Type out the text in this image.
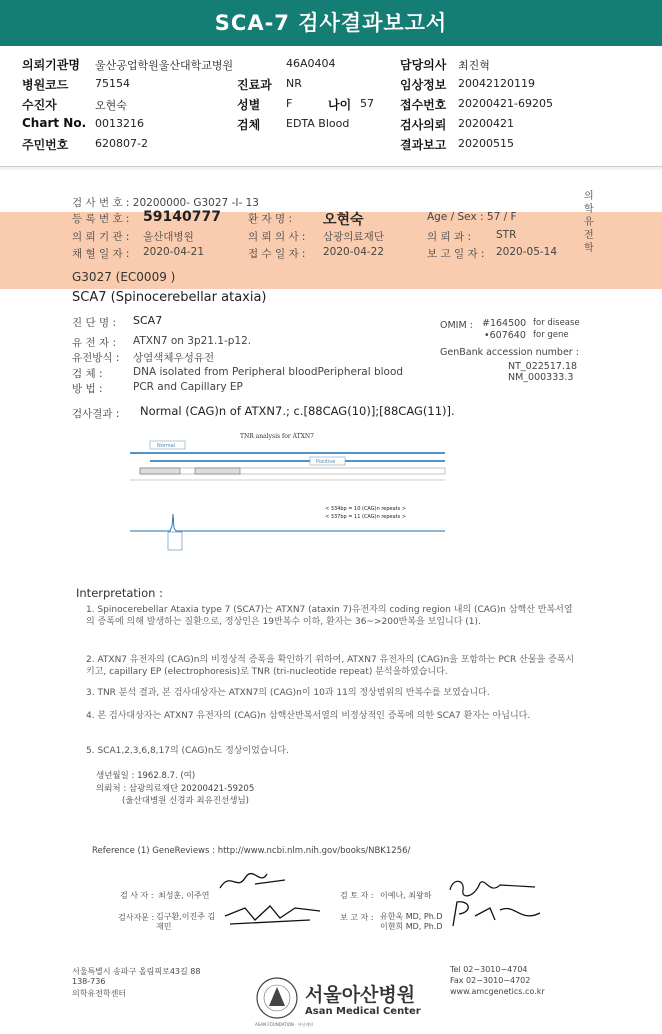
SCA-7 검사결과보고서
의뢰기관명 울산공업학원울산대학교병원	46A0404	담당의사 최진혁
병원코드 75154	진료과 NR	임상정보 20042120119
수진자	오현숙	성별 F	나이 57 접수번호 20200421-69205
Chart No. 0013216	검체 EDTA Blood	검사의뢰 20200421
주민번호 620807-2	결과보고 20200515
의학유전학
검 사 번 호 : 20200000- G3027 -I- 13
등 록 번 호 : 59140777	환 자 명 : 오현숙	Age / Sex : 57 / F
의 뢰 기 관 : 울산대병원	의 뢰 의 사 : 삼광의료재단	의 뢰 과 : STR
채 혈 일 자 : 2020-04-21	접 수 일 자 : 2020-04-22	보 고 일 자 : 2020-05-14
G3027 (EC0009 )
SCA7 (Spinocerebellar ataxia)
진 단 명 : SCA7
유 전 자 : ATXN7 on 3p21.1-p12.
유전방식 : 상염색체우성유전
검 체 :	DNA isolated from Peripheral bloodPeripheral blood
방 법 :	PCR and Capillary EP
OMIM : #164500 for disease
•607640 for gene
GenBank accession number :
NT_022517.18
NM_000333.3
검사결과 : Normal (CAG)n of ATXN7.; c.[88CAG(10)];[88CAG(11)].
TNR analysis for ATXN7
Normal
Positive
< 334bp = 10 (CAG)n repeats >
< 337bp = 11 (CAG)n repeats >
Interpretation :
1. Spinocerebellar Ataxia type 7 (SCA7)는 ATXN7 (ataxin 7)유전자의 coding region 내의 (CAG)n 삼핵산 반복서열의 증폭에 의해 발생하는 질환으로, 정상인은 19반복수 이하, 환자는 36~>200반복을 보입니다 (1).
2. ATXN7 유전자의 (CAG)n의 비정상적 증폭을 확인하기 위하여, ATXN7 유전자의 (CAG)n을 포함하는 PCR 산물을 증폭시키고, capillary EP (electrophoresis)로 TNR (tri-nucleotide repeat) 분석을하였습니다.
3. TNR 분석 결과, 본 검사대상자는 ATXN7의 (CAG)n이 10과 11의 정상범위의 반복수를 보였습니다.
4. 본 검사대상자는 ATXN7 유전자의 (CAG)n 삼핵산반복서열의 비정상적인 증폭에 의한 SCA7 환자는 아닙니다.
5. SCA1,2,3,6,8,17의 (CAG)n도 정상이었습니다.
생년월일 : 1962.8.7. (여)
의뢰처 : 삼광의료재단 20200421-59205
(울산대병원 신경과 최유진선생님)
Reference (1) GeneReviews : http://www.ncbi.nlm.nih.gov/books/NBK1256/
검 사 자 : 최성훈, 이주연	검 토 자 : 이예나, 최왕하
검사자문 : 김구환,이진주 김재민
보 고 자 : 유한욱 MD, Ph.D
이현희 MD, Ph.D
서울특별시 송파구 올림픽로43길 88
138-736
의학유전학센터
ASAN FOUNDATION · 아산재단
서울아산병원
Asan Medical Center
Tel 02−3010−4704
Fax 02−3010−4702
www.amcgenetics.co.kr
